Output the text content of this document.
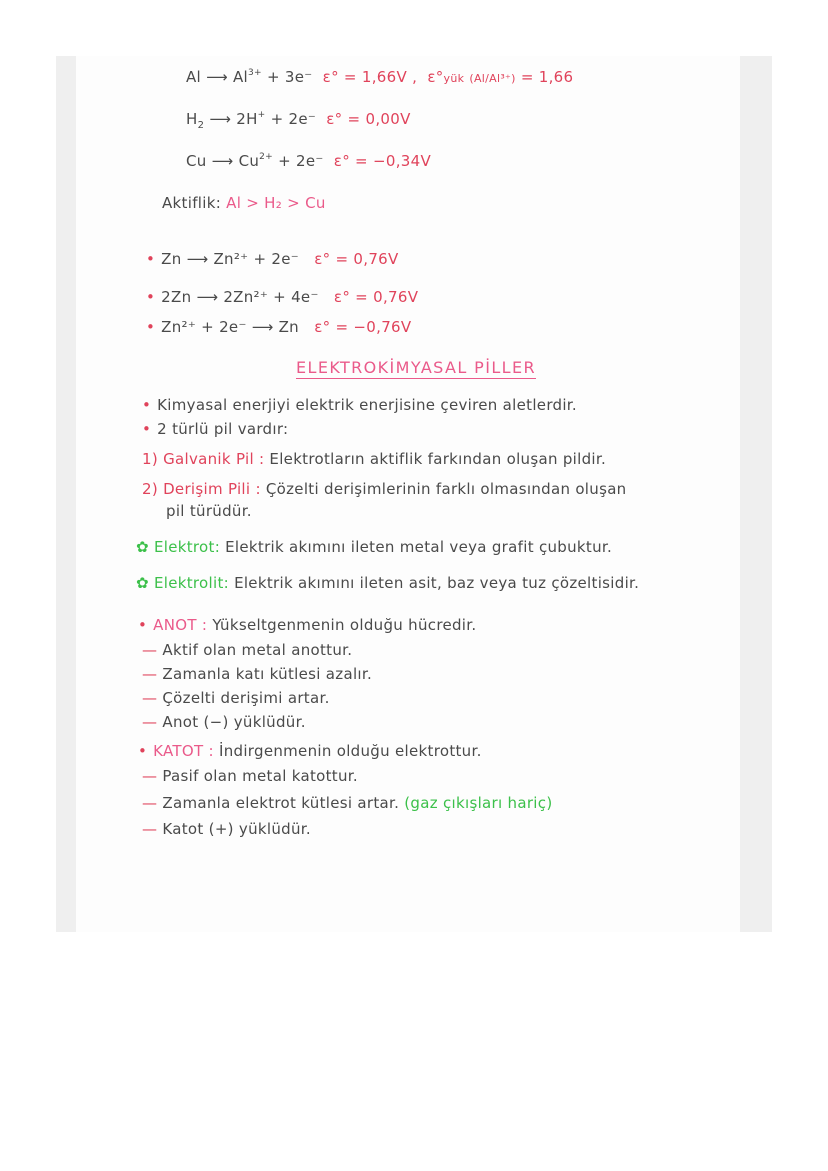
Al ⟶ $Al^{3+} + 3e^-$ ε° = 1,66V , ε°yük (Al/Al³⁺) = 1,66
$H_2$ ⟶ 2H+ + 2e⁻ ε° = 0,00V
Cu ⟶ $Cu^{2+} + 2e^-$ ε° = −0,34V
Aktiflik: Al > H₂ > Cu
• Zn ⟶ Zn²⁺ + 2e⁻ ε° = 0,76V
• 2Zn ⟶ 2Zn²⁺ + 4e⁻ ε° = 0,76V
• Zn²⁺ + 2e⁻ ⟶ Zn ε° = −0,76V
ELEKTROKİMYASAL PİLLER
• Kimyasal enerjiyi elektrik enerjisine çeviren aletlerdir.
• 2 türlü pil vardır:
1) Galvanik Pil : Elektrotların aktiflik farkından oluşan pildir.
2) Derişim Pili : Çözelti derişimlerinin farklı olmasından oluşan
pil türüdür.
✿ Elektrot: Elektrik akımını ileten metal veya grafit çubuktur.
✿ Elektrolit: Elektrik akımını ileten asit, baz veya tuz çözeltisidir.
• ANOT : Yükseltgenmenin olduğu hücredir.
— Aktif olan metal anottur.
— Zamanla katı kütlesi azalır.
— Çözelti derişimi artar.
— Anot (−) yüklüdür.
• KATOT : İndirgenmenin olduğu elektrottur.
— Pasif olan metal katottur.
— Zamanla elektrot kütlesi artar. (gaz çıkışları hariç)
— Katot (+) yüklüdür.
